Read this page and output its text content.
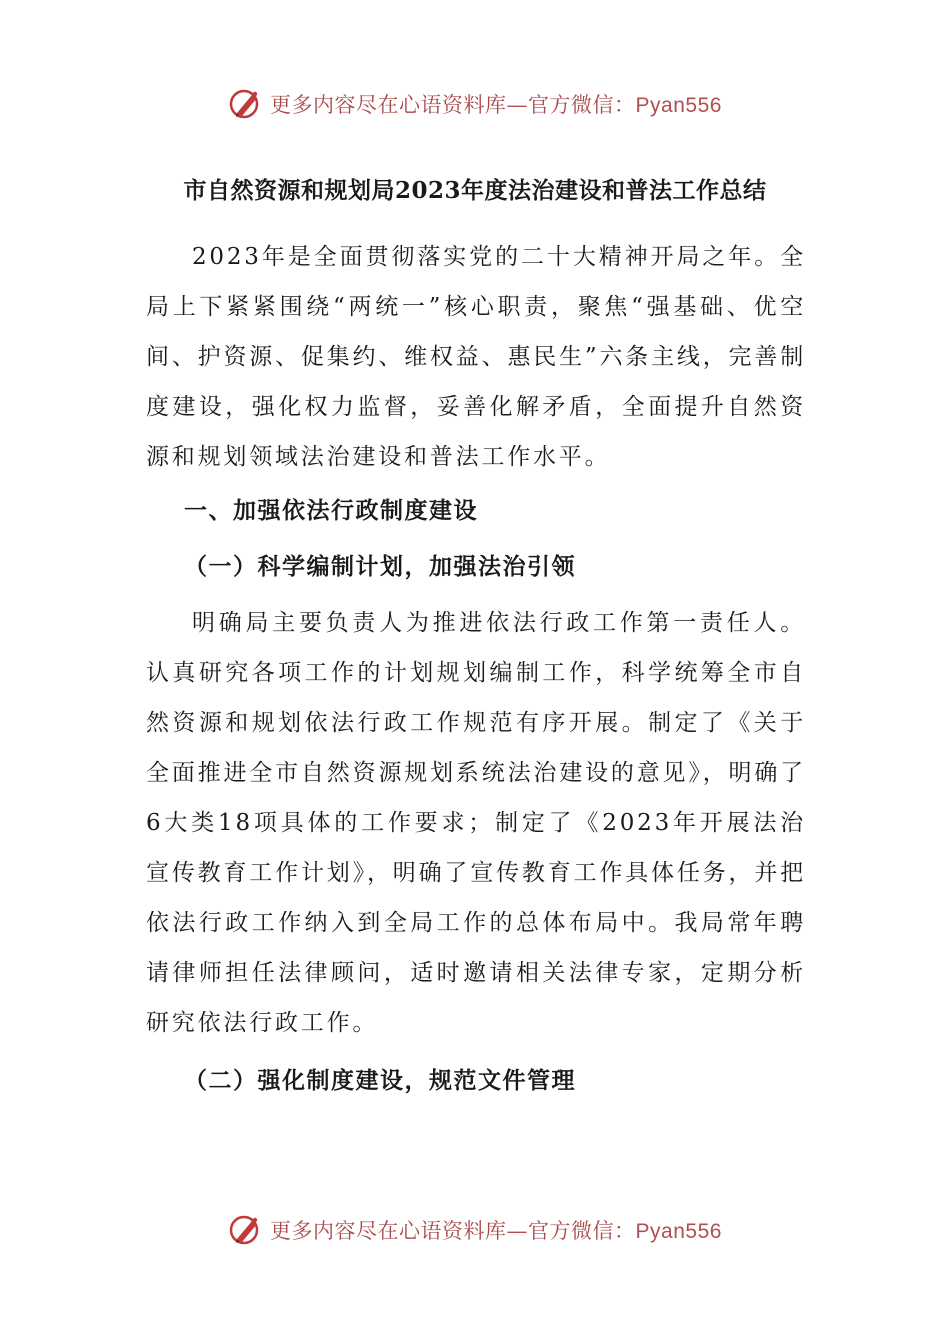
更多内容尽在心语资料库—官方微信：Pyan556
市自然资源和规划局2023年度法治建设和普法工作总结

2023年是全面贯彻落实党的二十大精神开局之年。全局上下紧紧围绕“两统一”核心职责，聚焦“强基础、优空间、护资源、促集约、维权益、惠民生”六条主线，完善制度建设，强化权力监督，妥善化解矛盾，全面提升自然资源和规划领域法治建设和普法工作水平。

一、加强依法行政制度建设

（一）科学编制计划，加强法治引领

明确局主要负责人为推进依法行政工作第一责任人。认真研究各项工作的计划规划编制工作，科学统筹全市自然资源和规划依法行政工作规范有序开展。制定了《关于全面推进全市自然资源规划系统法治建设的意见》，明确了6大类18项具体的工作要求；制定了《2023年开展法治宣传教育工作计划》，明确了宣传教育工作具体任务，并把依法行政工作纳入到全局工作的总体布局中。我局常年聘请律师担任法律顾问，适时邀请相关法律专家，定期分析研究依法行政工作。

（二）强化制度建设，规范文件管理

更多内容尽在心语资料库—官方微信：Pyan556
